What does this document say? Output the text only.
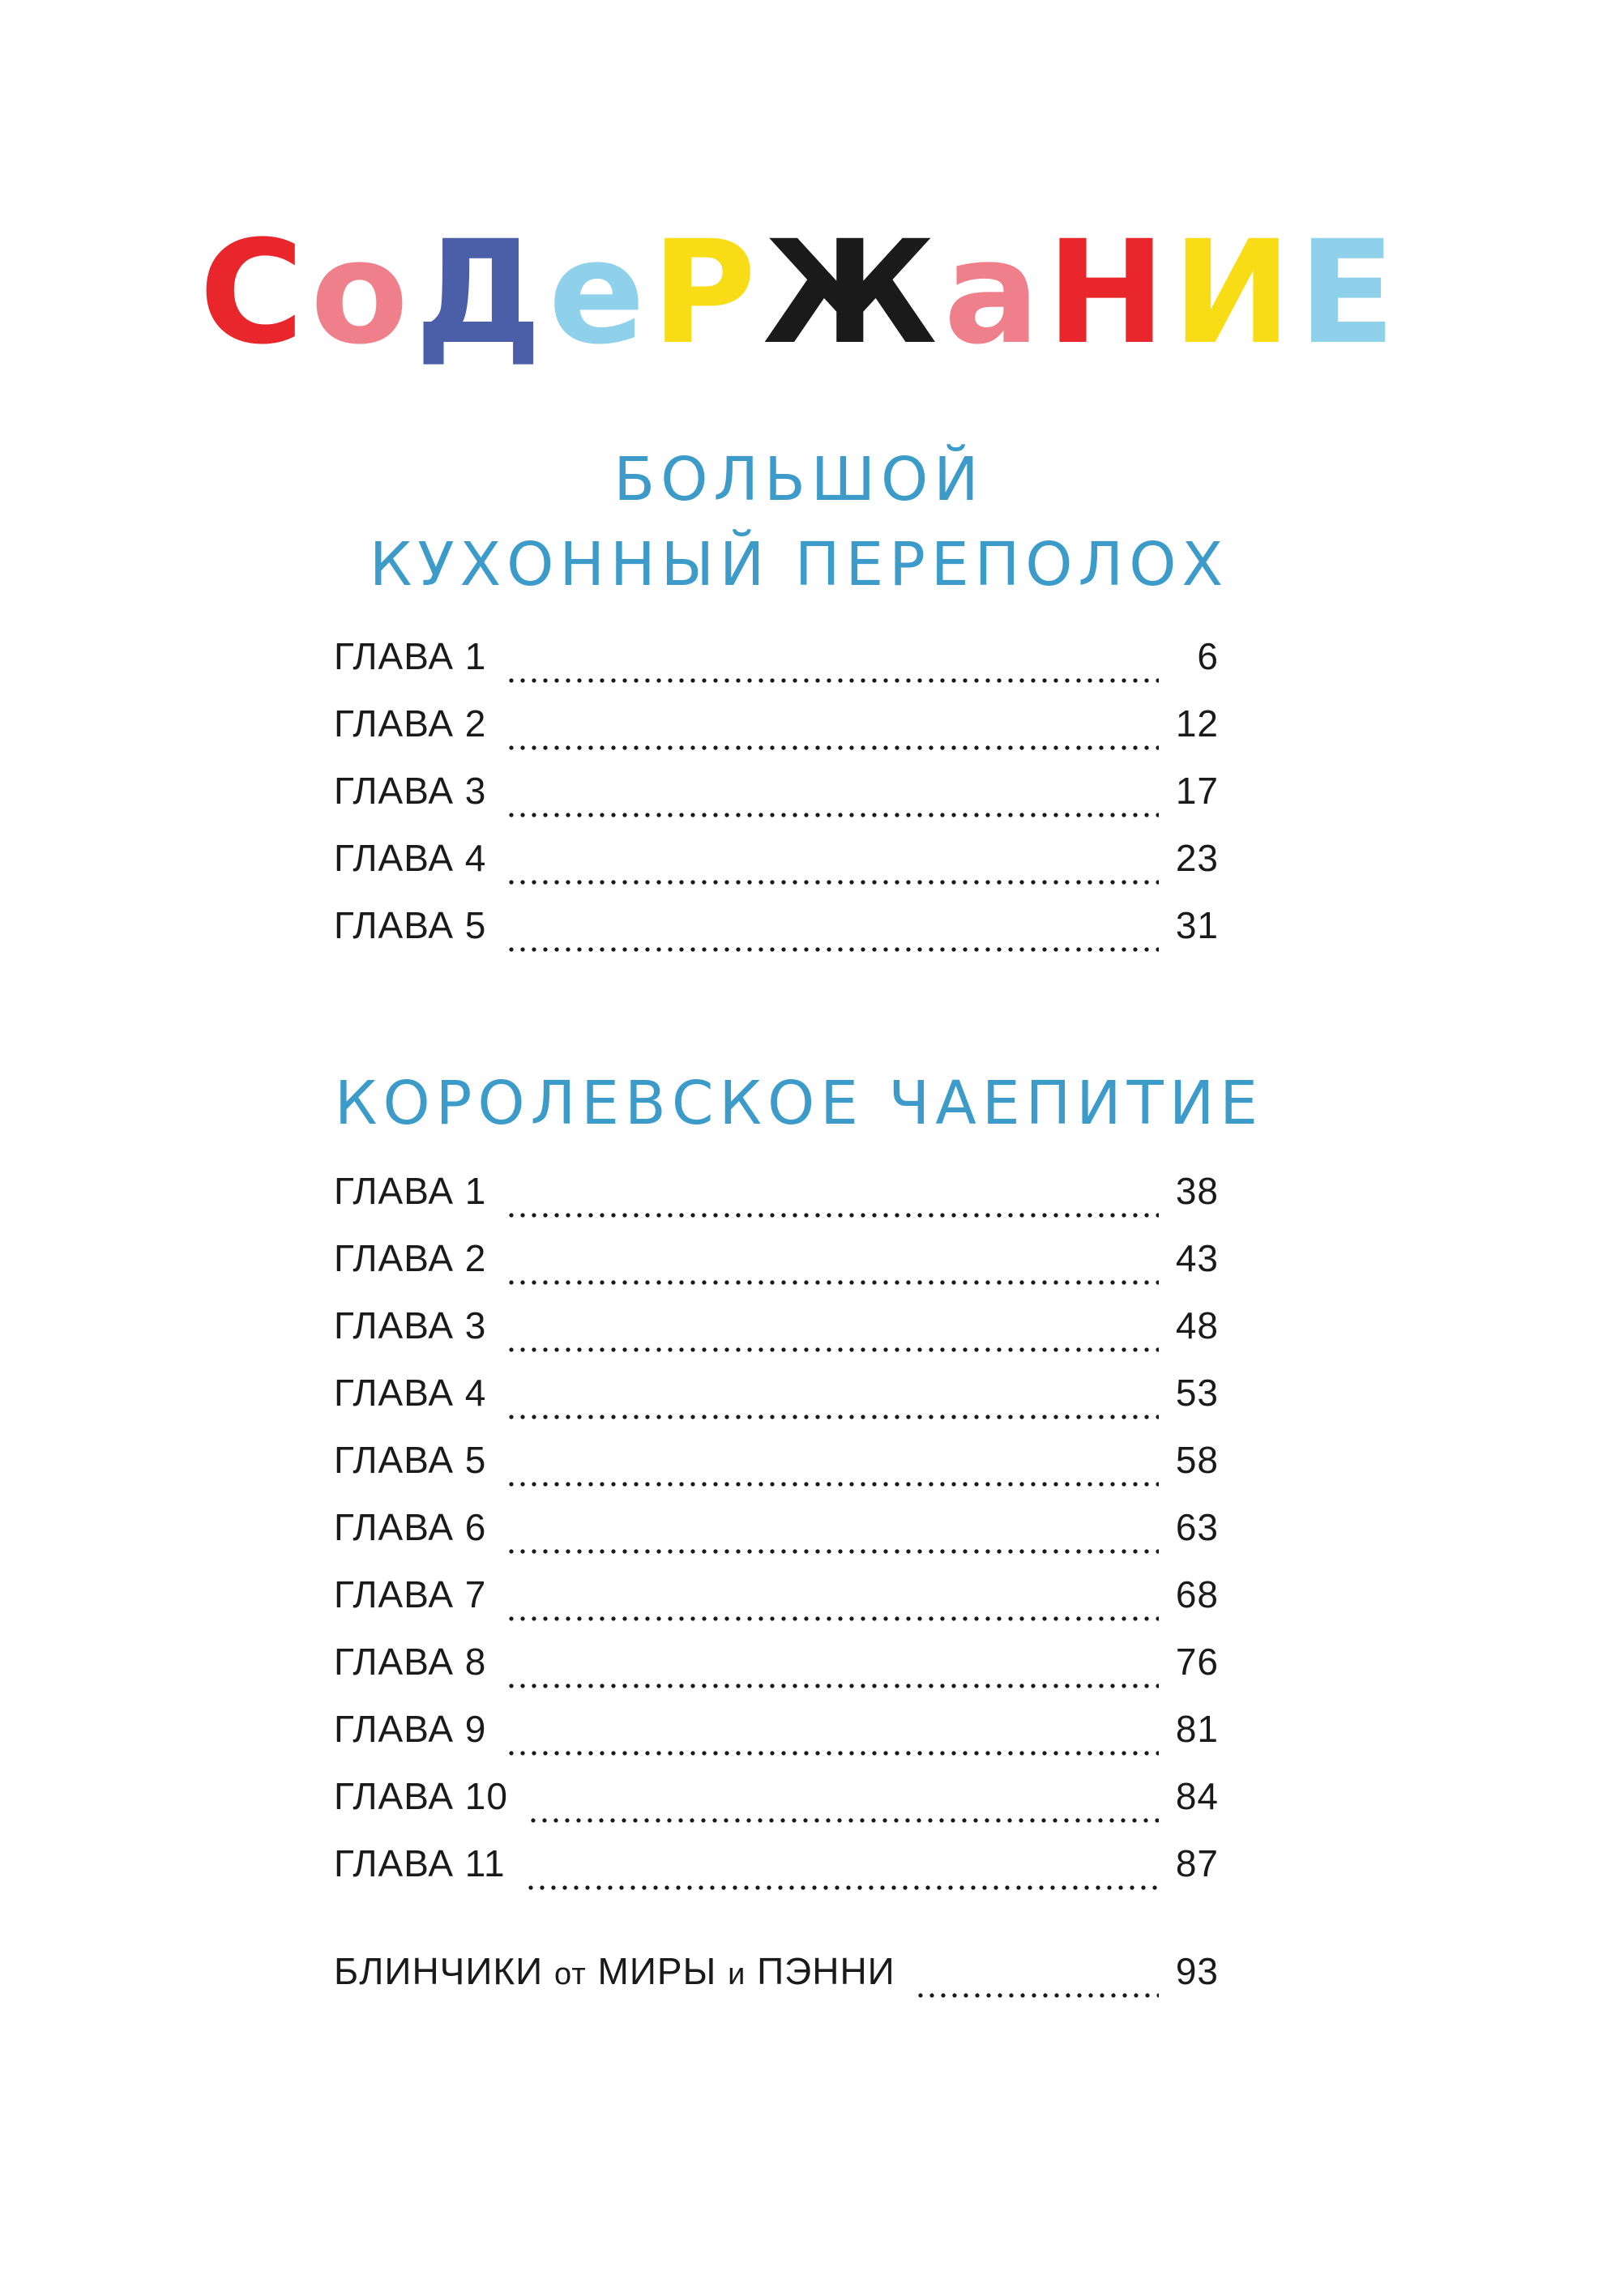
С о Д е Р Ж а Н И Е
БОЛЬШОЙ
КУХОННЫЙ ПЕРЕПОЛОХ
ГЛАВА 1	6
ГЛАВА 2	12
ГЛАВА 3	17
ГЛАВА 4	23
ГЛАВА 5	31
КОРОЛЕВСКОЕ ЧАЕПИТИЕ
ГЛАВА 1	38
ГЛАВА 2	43
ГЛАВА 3	48
ГЛАВА 4	53
ГЛАВА 5	58
ГЛАВА 6	63
ГЛАВА 7	68
ГЛАВА 8	76
ГЛАВА 9	81
ГЛАВА 10	84
ГЛАВА 11	87
БЛИНЧИКИ от МИРЫ и ПЭННИ	93
